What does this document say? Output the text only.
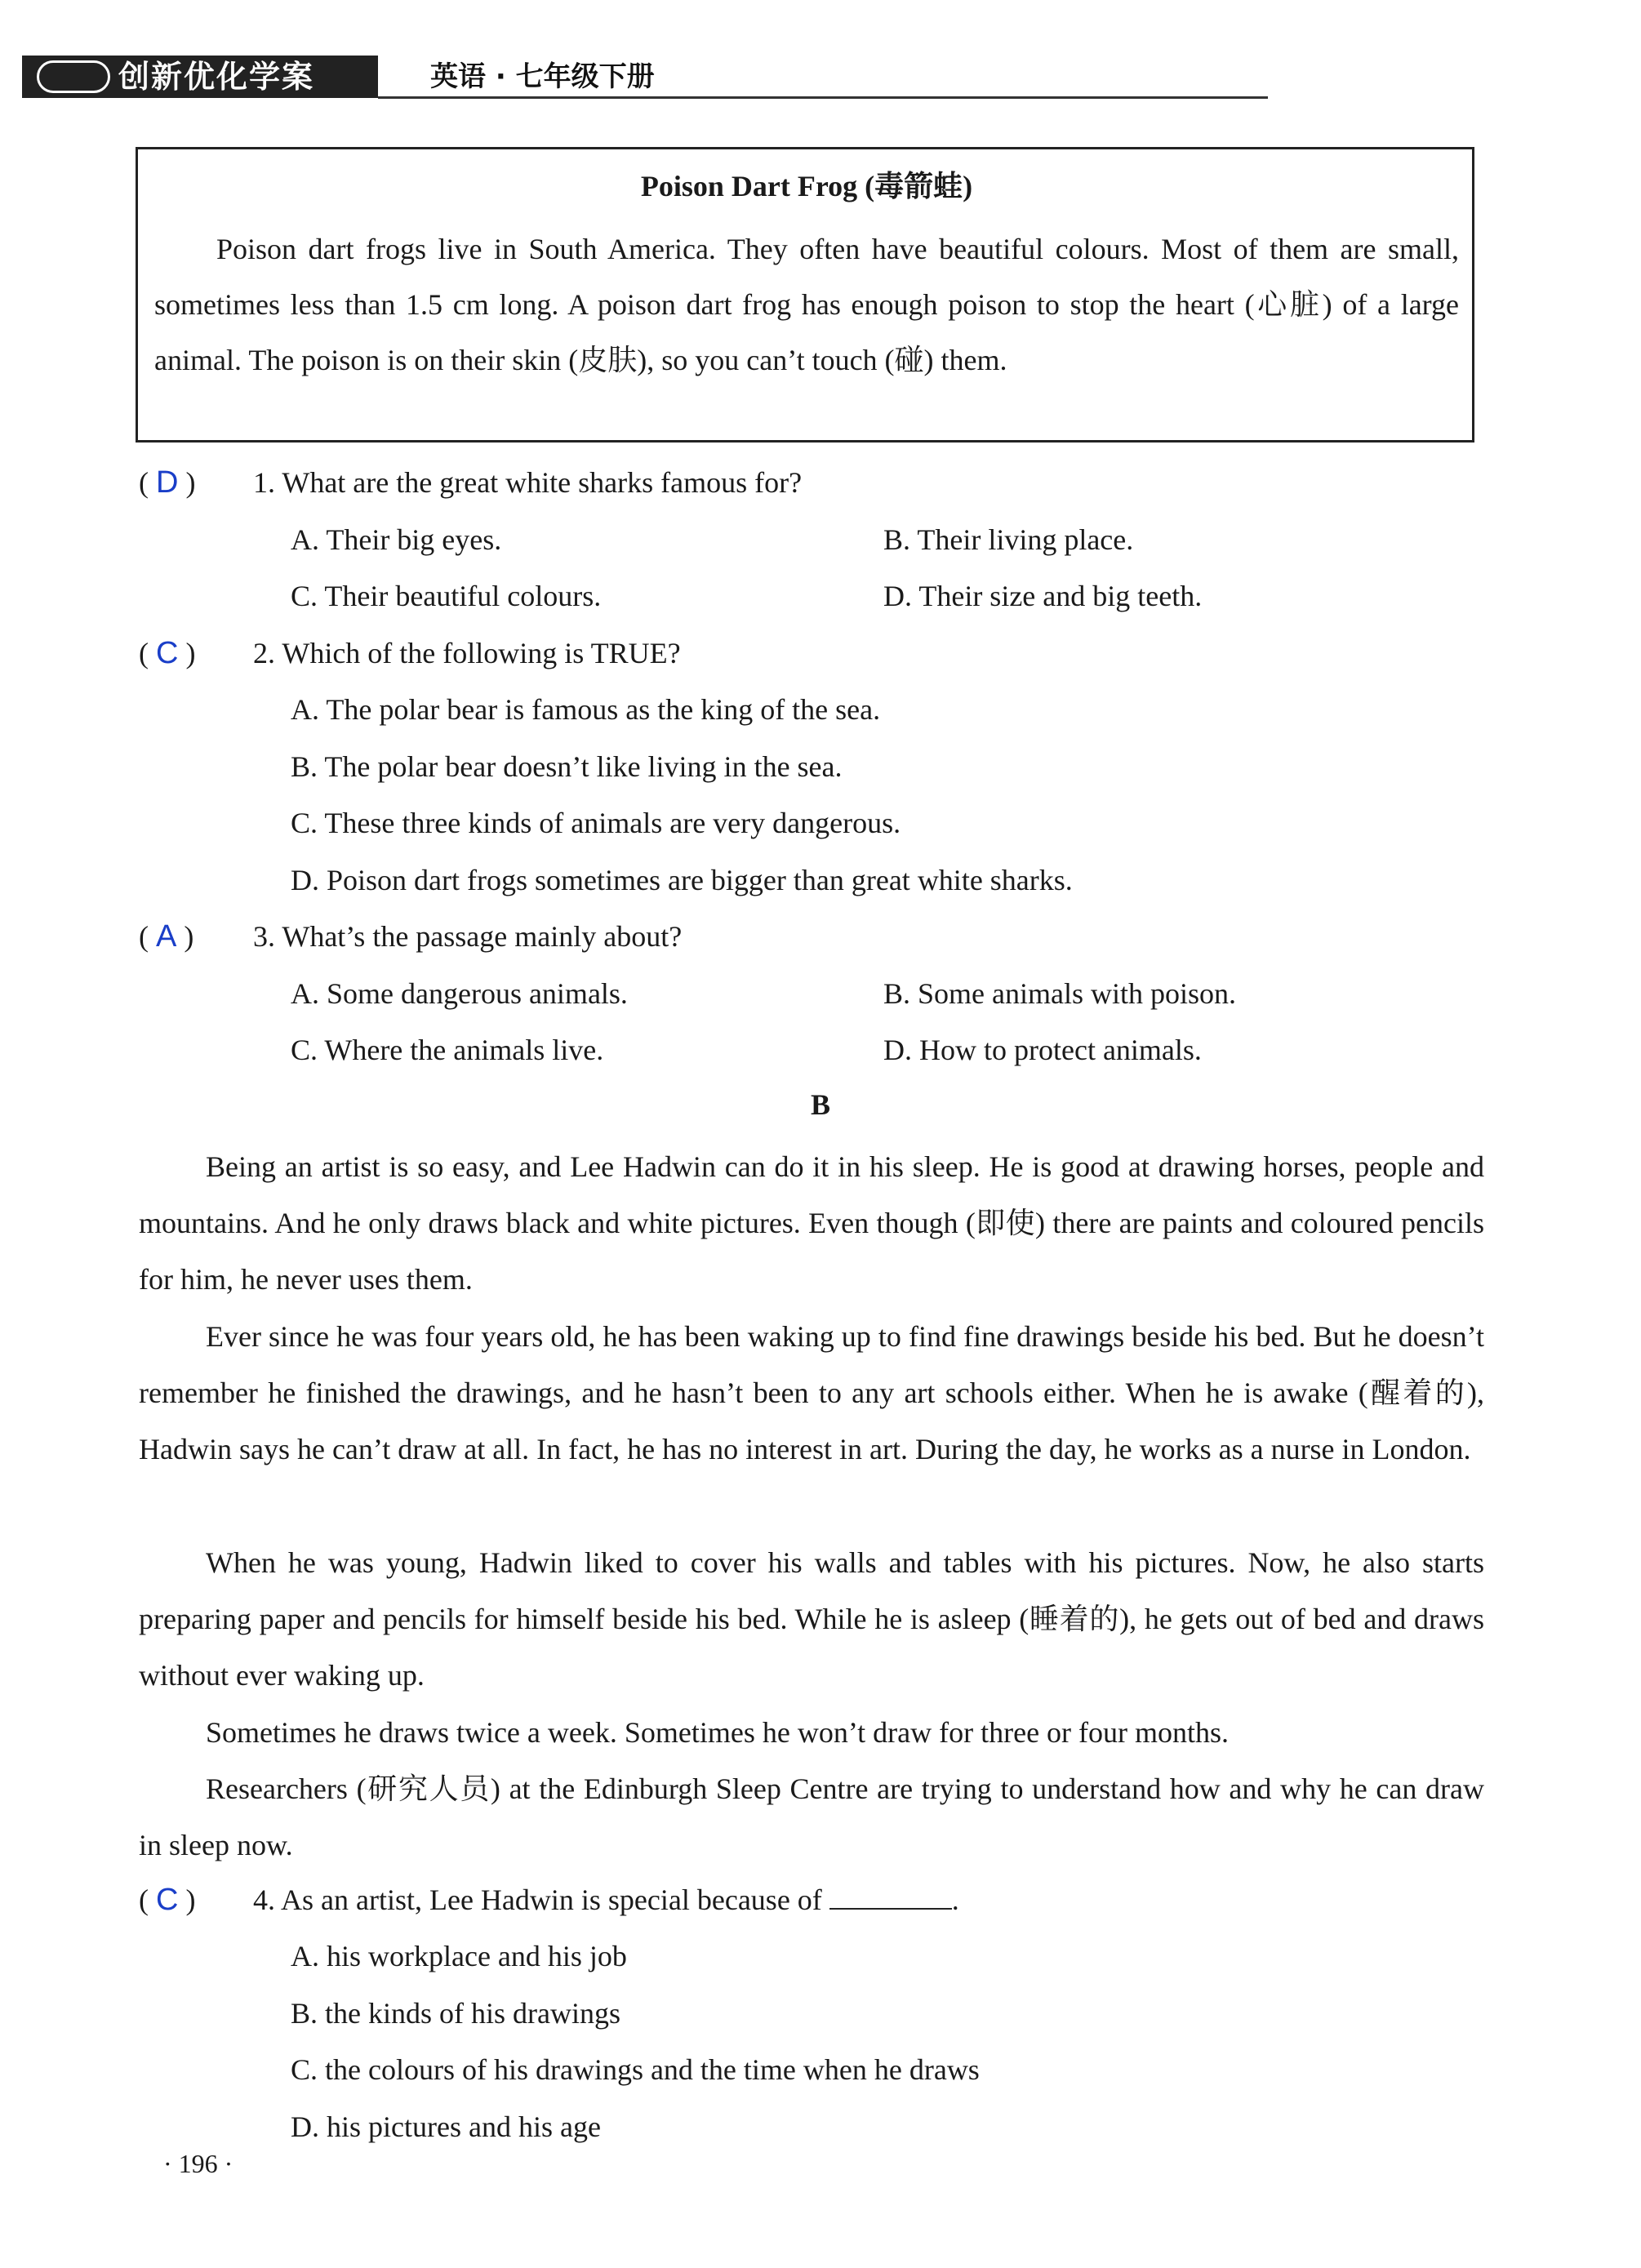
创新优化学案	英语 · 七年级下册
Poison Dart Frog (毒箭蛙)

Poison dart frogs live in South America. They often have beautiful colours. Most of them are small, sometimes less than 1.5 cm long. A poison dart frog has enough poison to stop the heart (心脏) of a large animal. The poison is on their skin (皮肤), so you can’t touch (碰) them.

( D ) 1. What are the great white sharks famous for?
A. Their big eyes.	B. Their living place.
C. Their beautiful colours.	D. Their size and big teeth.
( C ) 2. Which of the following is TRUE?
A. The polar bear is famous as the king of the sea.
B. The polar bear doesn’t like living in the sea.
C. These three kinds of animals are very dangerous.
D. Poison dart frogs sometimes are bigger than great white sharks.
( A ) 3. What’s the passage mainly about?
A. Some dangerous animals.	B. Some animals with poison.
C. Where the animals live.	D. How to protect animals.
B

Being an artist is so easy, and Lee Hadwin can do it in his sleep. He is good at drawing horses, people and mountains. And he only draws black and white pictures. Even though (即使) there are paints and coloured pencils for him, he never uses them.

Ever since he was four years old, he has been waking up to find fine drawings beside his bed. But he doesn’t remember he finished the drawings, and he hasn’t been to any art schools either. When he is awake (醒着的), Hadwin says he can’t draw at all. In fact, he has no interest in art. During the day, he works as a nurse in London.

When he was young, Hadwin liked to cover his walls and tables with his pictures. Now, he also starts preparing paper and pencils for himself beside his bed. While he is asleep (睡着的), he gets out of bed and draws without ever waking up.

Sometimes he draws twice a week. Sometimes he won’t draw for three or four months.

Researchers (研究人员) at the Edinburgh Sleep Centre are trying to understand how and why he can draw in sleep now.

( C ) 4. As an artist, Lee Hadwin is special because of	.
A. his workplace and his job
B. the kinds of his drawings
C. the colours of his drawings and the time when he draws
D. his pictures and his age
· 196 ·
